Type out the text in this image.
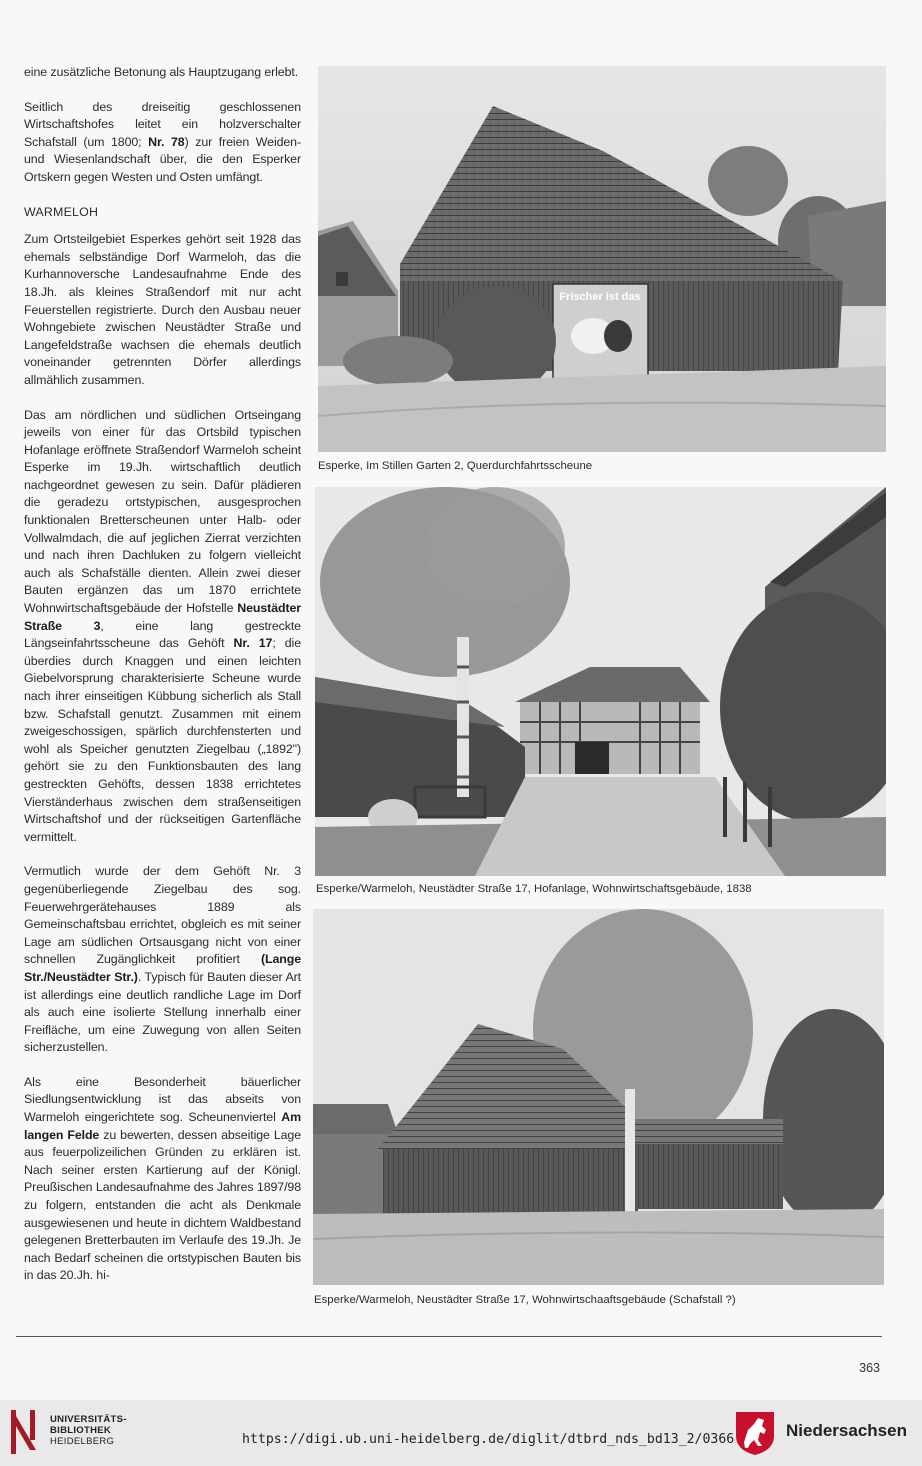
eine zusätzliche Betonung als Hauptzugang erlebt.

Seitlich des dreiseitig geschlossenen Wirtschaftshofes leitet ein holzverschalter Schafstall (um 1800; Nr. 78) zur freien Weiden- und Wiesenlandschaft über, die den Esperker Ortskern gegen Westen und Osten umfängt.

WARMELOH

Zum Ortsteilgebiet Esperkes gehört seit 1928 das ehemals selbständige Dorf Warmeloh, das die Kurhannoversche Landesaufnahme Ende des 18.Jh. als kleines Straßendorf mit nur acht Feuerstellen registrierte. Durch den Ausbau neuer Wohngebiete zwischen Neustädter Straße und Langefeldstraße wachsen die ehemals deutlich voneinander getrennten Dörfer allerdings allmählich zusammen.

Das am nördlichen und südlichen Ortseingang jeweils von einer für das Ortsbild typischen Hofanlage eröffnete Straßendorf Warmeloh scheint Esperke im 19.Jh. wirtschaftlich deutlich nachgeordnet gewesen zu sein. Dafür plädieren die geradezu ortstypischen, ausgesprochen funktionalen Bretterscheunen unter Halb- oder Vollwalmdach, die auf jeglichen Zierrat verzichten und nach ihren Dachluken zu folgern vielleicht auch als Schafställe dienten. Allein zwei dieser Bauten ergänzen das um 1870 errichtete Wohnwirtschaftsgebäude der Hofstelle Neustädter Straße 3, eine lang gestreckte Längseinfahrtsscheune das Gehöft Nr. 17; die überdies durch Knaggen und einen leichten Giebelvorsprung charakterisierte Scheune wurde nach ihrer einseitigen Kübbung sicherlich als Stall bzw. Schafstall genutzt. Zusammen mit einem zweigeschossigen, spärlich durchfensterten und wohl als Speicher genutzten Ziegelbau („1892") gehört sie zu den Funktionsbauten des lang gestreckten Gehöfts, dessen 1838 errichtetes Vierständerhaus zwischen dem straßenseitigen Wirtschaftshof und der rückseitigen Gartenfläche vermittelt.

Vermutlich wurde der dem Gehöft Nr. 3 gegenüberliegende Ziegelbau des sog. Feuerwehrgerätehauses 1889 als Gemeinschaftsbau errichtet, obgleich es mit seiner Lage am südlichen Ortsausgang nicht von einer schnellen Zugänglichkeit profitiert (Lange Str./Neustädter Str.). Typisch für Bauten dieser Art ist allerdings eine deutlich randliche Lage im Dorf als auch eine isolierte Stellung innerhalb einer Freifläche, um eine Zuwegung von allen Seiten sicherzustellen.

Als eine Besonderheit bäuerlicher Siedlungsentwicklung ist das abseits von Warmeloh eingerichtete sog. Scheunenviertel Am langen Felde zu bewerten, dessen abseitige Lage aus feuerpolizeilichen Gründen zu erklären ist. Nach seiner ersten Kartierung auf der Königl. Preußischen Landesaufnahme des Jahres 1897/98 zu folgern, entstanden die acht als Denkmale ausgewiesenen und heute in dichtem Waldbestand gelegenen Bretterbauten im Verlaufe des 19.Jh. Je nach Bedarf scheinen die ortstypischen Bauten bis in das 20.Jh. hi-

Frischer ist das
Esperke, Im Stillen Garten 2, Querdurchfahrtsscheune
Esperke/Warmeloh, Neustädter Straße 17, Hofanlage, Wohnwirtschaftsgebäude, 1838
Esperke/Warmeloh, Neustädter Straße 17, Wohnwirtschaaftsgebäude (Schafstall ?)
363
UNIVERSITÄTS-
BIBLIOTHEK
HEIDELBERG	https://digi.ub.uni-heidelberg.de/diglit/dtbrd_nds_bd13_2/0366	Niedersachsen
